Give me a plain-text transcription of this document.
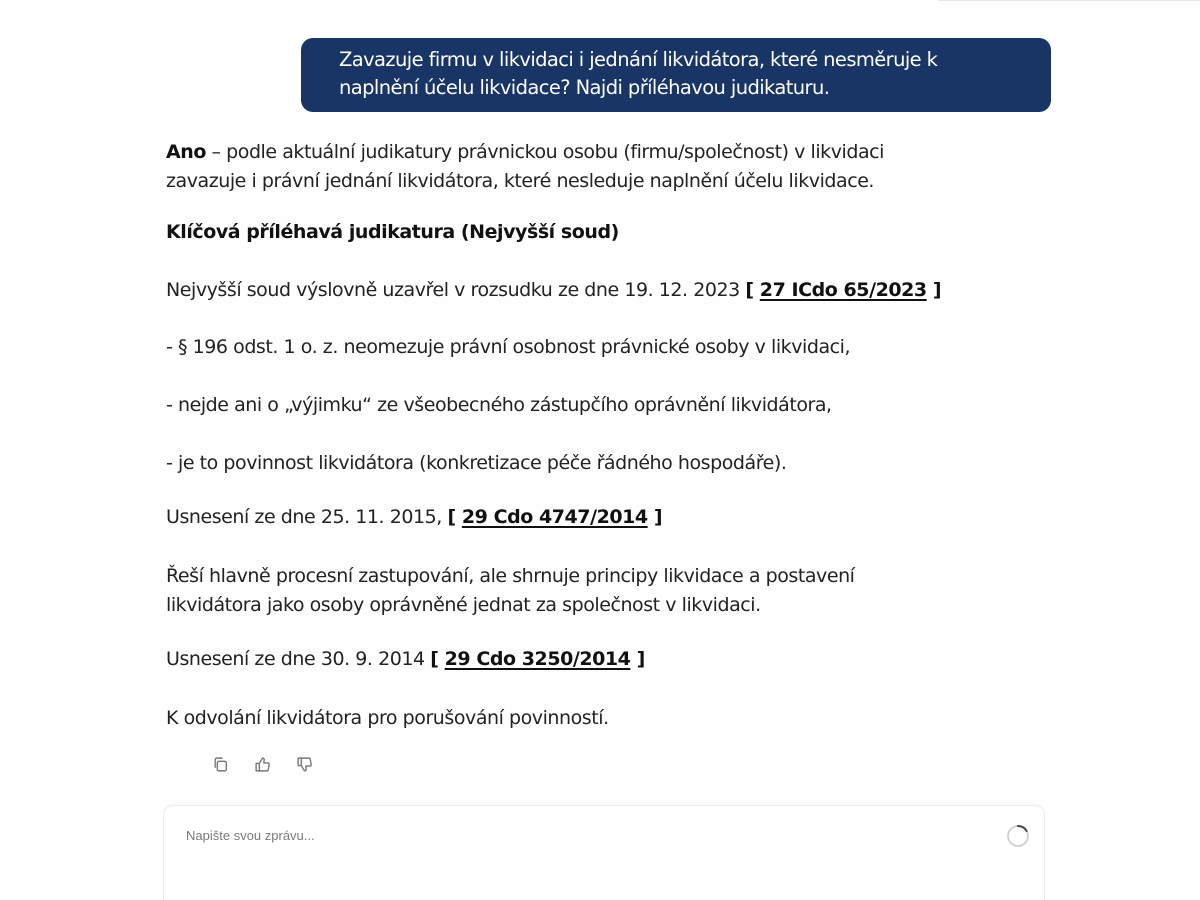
Zavazuje firmu v likvidaci i jednání likvidátora, které nesměruje k
naplnění účelu likvidace? Najdi příléhavou judikaturu.
Ano – podle aktuální judikatury právnickou osobu (firmu/společnost) v likvidaci
zavazuje i právní jednání likvidátora, které nesleduje naplnění účelu likvidace.
Klíčová příléhavá judikatura (Nejvyšší soud)
Nejvyšší soud výslovně uzavřel v rozsudku ze dne 19. 12. 2023 [ 27 ICdo 65/2023 ]
- § 196 odst. 1 o. z. neomezuje právní osobnost právnické osoby v likvidaci,
- nejde ani o „výjimku“ ze všeobecného zástupčího oprávnění likvidátora,
- je to povinnost likvidátora (konkretizace péče řádného hospodáře).
Usnesení ze dne 25. 11. 2015, [ 29 Cdo 4747/2014 ]
Řeší hlavně procesní zastupování, ale shrnuje principy likvidace a postavení
likvidátora jako osoby oprávněné jednat za společnost v likvidaci.
Usnesení ze dne 30. 9. 2014 [ 29 Cdo 3250/2014 ]
K odvolání likvidátora pro porušování povinností.
Napište svou zprávu...
